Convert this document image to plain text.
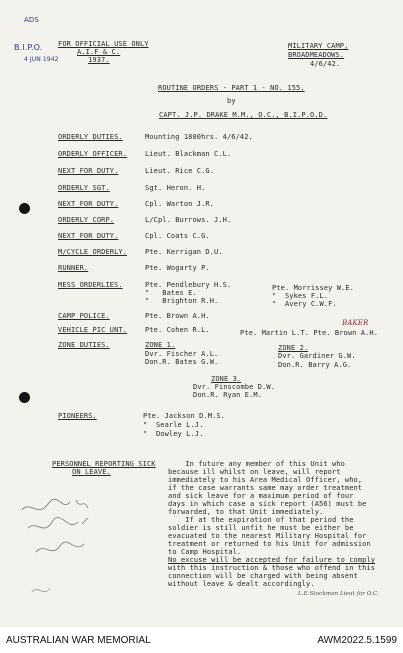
ADS
B.I.P.O.
4 JUN 1942
FOR OFFICIAL USE ONLY
A.I.F & C.
1937.
MILITARY CAMP,
BROADMEADOWS.
4/6/42.
ROUTINE ORDERS - PART 1 - NO. 155.
by
CAPT. J.P. DRAKE M.M., O.C., B.I.P.O.D.
ORDERLY DUTIES.	Mounting 1800hrs. 4/6/42.
ORDERLY OFFICER.	Lieut. Blackman C.L.
NEXT FOR DUTY.	Lieut. Rice C.G.
ORDERLY SGT.	Sgt. Heron. H.
NEXT FOR DUTY.	Cpl. Warton J.R.
ORDERLY CORP.	L/Cpl. Burrows. J.H.
NEXT FOR DUTY.	Cpl. Coats C.G.
M/CYCLE ORDERLY.	Pte. Kerrigan D.U.
RUNNER.	Pte. Wogarty P.
MESS ORDERLIES.	Pte. Pendlebury H.S.
"   Bates E.
"   Brighton R.H.
Pte. Morrissey W.E.
"  Sykes F.L.
"  Avery C.W.F.
CAMP POLICE.	Pte. Brown A.H.
VEHICLE PIC UNT.	Pte. Cohen R.L.	Pte. Martin L.T. Pte. Brown A.H.
BAKER
ZONE DUTIES.	ZONE 1.
Dvr. Fischer A.L.
Don.R. Bates G.W.
ZONE 2.
Dvr. Gardiner G.W.
Don.R. Barry A.G.
ZONE 3.
Dvr. Finscombe D.W.
Don.R. Ryan E.M.
PIONEERS.	Pte. Jackson D.M.S.
"  Searle L.J.
"  Dowley L.J.
PERSONNEL REPORTING SICK
ON LEAVE.
In future any member of this Unit who
because ill whilst on leave, will report
immediately to his Area Medical Officer, who,
if the case warrants same may order treatment
and sick leave for a maximum period of four
days in which case a sick report (A56) must be
forwarded, to that Unit immediately.
If at the expiration of that period the
soldier is still unfit he must be either be
evacuated to the nearest Military Hospital for
treatment or returned to his Unit for admission
to Camp Hospital.
No excuse will be accepted for failure to comply
with this instruction & those who offend in this
connection will be charged with being absent
without leave & dealt accordingly.
L.E.Stockman Lieut for O.C.
AUSTRALIAN WAR MEMORIAL	AWM2022.5.1599
